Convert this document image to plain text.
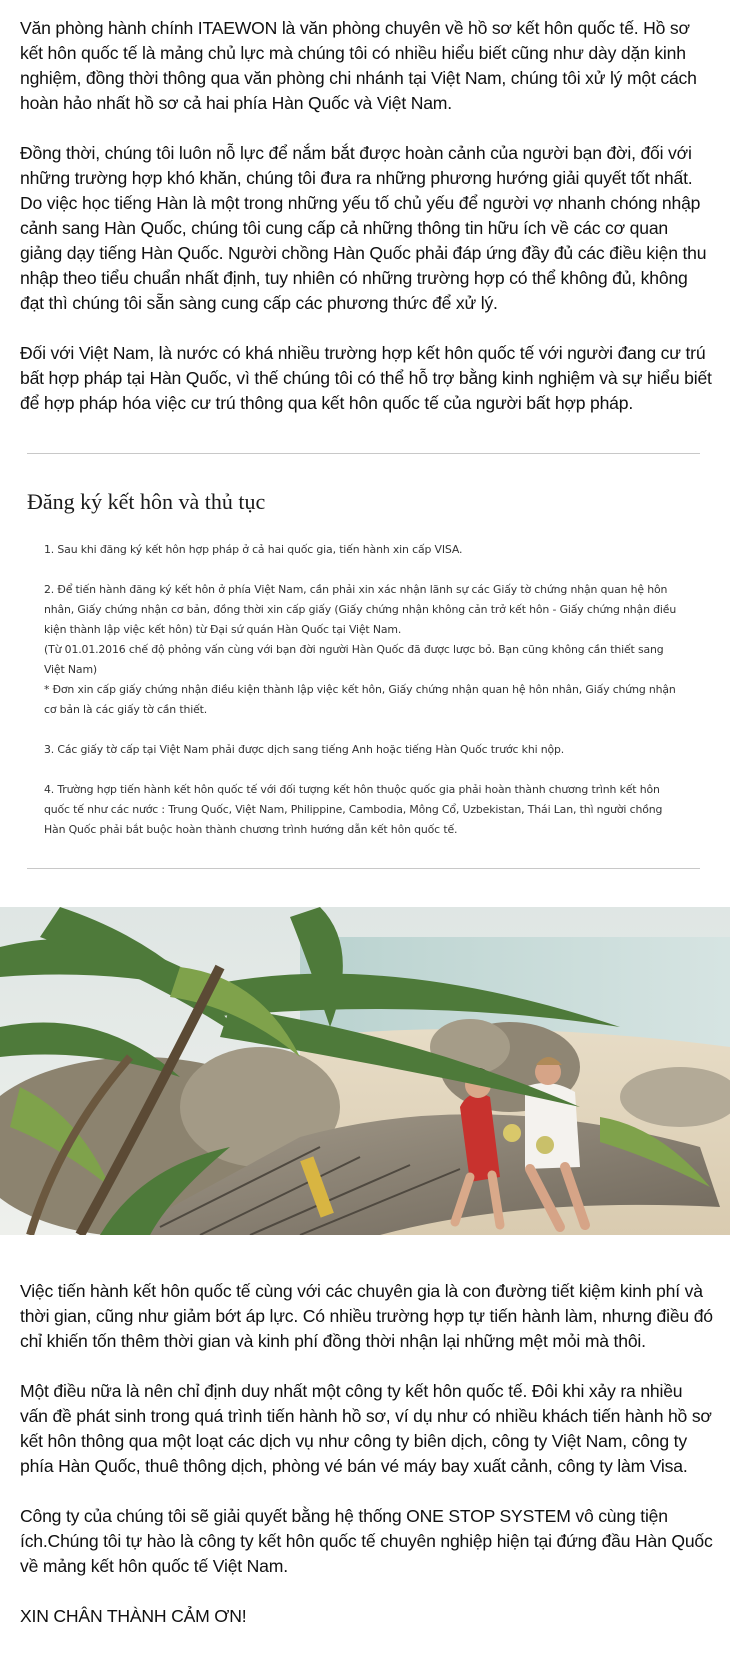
Văn phòng hành chính ITAEWON là văn phòng chuyên về hồ sơ kết hôn quốc tế. Hồ sơ kết hôn quốc tế là mảng chủ lực mà chúng tôi có nhiều hiểu biết cũng như dày dặn kinh nghiệm, đồng thời thông qua văn phòng chi nhánh tại Việt Nam, chúng tôi xử lý một cách hoàn hảo nhất hồ sơ cả hai phía Hàn Quốc và Việt Nam.

Đồng thời, chúng tôi luôn nỗ lực để nắm bắt được hoàn cảnh của người bạn đời, đối với những trường hợp khó khăn, chúng tôi đưa ra những phương hướng giải quyết tốt nhất. Do việc học tiếng Hàn là một trong những yếu tố chủ yếu để người vợ nhanh chóng nhập cảnh sang Hàn Quốc, chúng tôi cung cấp cả những thông tin hữu ích về các cơ quan giảng dạy tiếng Hàn Quốc. Người chồng Hàn Quốc phải đáp ứng đầy đủ các điều kiện thu nhập theo tiểu chuẩn nhất định, tuy nhiên có những trường hợp có thể không đủ, không đạt thì chúng tôi sẵn sàng cung cấp các phương thức để xử lý.

Đối với Việt Nam, là nước có khá nhiều trường hợp kết hôn quốc tế với người đang cư trú bất hợp pháp tại Hàn Quốc, vì thế chúng tôi có thể hỗ trợ bằng kinh nghiệm và sự hiểu biết để hợp pháp hóa việc cư trú thông qua kết hôn quốc tế của người bất hợp pháp.

Đăng ký kết hôn và thủ tục

1. Sau khi đăng ký kết hôn hợp pháp ở cả hai quốc gia, tiến hành xin cấp VISA.

2. Để tiến hành đăng ký kết hôn ở phía Việt Nam, cần phải xin xác nhận lãnh sự các Giấy tờ chứng nhận quan hệ hôn nhân, Giấy chứng nhận cơ bản, đồng thời xin cấp giấy (Giấy chứng nhận không cản trở kết hôn - Giấy chứng nhận điều kiện thành lập việc kết hôn) từ Đại sứ quán Hàn Quốc tại Việt Nam.
(Từ 01.01.2016 chế độ phỏng vấn cùng với bạn đời người Hàn Quốc đã được lược bỏ. Bạn cũng không cần thiết sang Việt Nam)
* Đơn xin cấp giấy chứng nhận điều kiện thành lập việc kết hôn, Giấy chứng nhận quan hệ hôn nhân, Giấy chứng nhận cơ bản là các giấy tờ cần thiết.

3. Các giấy tờ cấp tại Việt Nam phải được dịch sang tiếng Anh hoặc tiếng Hàn Quốc trước khi nộp.

4. Trường hợp tiến hành kết hôn quốc tế với đối tượng kết hôn thuộc quốc gia phải hoàn thành chương trình kết hôn quốc tế như các nước : Trung Quốc, Việt Nam, Philippine, Cambodia, Mông Cổ, Uzbekistan, Thái Lan, thì người chồng Hàn Quốc phải bắt buộc hoàn thành chương trình hướng dẫn kết hôn quốc tế.

Việc tiến hành kết hôn quốc tế cùng với các chuyên gia là con đường tiết kiệm kinh phí và thời gian, cũng như giảm bớt áp lực. Có nhiều trường hợp tự tiến hành làm, nhưng điều đó chỉ khiến tốn thêm thời gian và kinh phí đồng thời nhận lại những mệt mỏi mà thôi.

Một điều nữa là nên chỉ định duy nhất một công ty kết hôn quốc tế. Đôi khi xảy ra nhiều vấn đề phát sinh trong quá trình tiến hành hồ sơ, ví dụ như có nhiều khách tiến hành hồ sơ kết hôn thông qua một loạt các dịch vụ như công ty biên dịch, công ty Việt Nam, công ty phía Hàn Quốc, thuê thông dịch, phòng vé bán vé máy bay xuất cảnh, công ty làm Visa.

Công ty của chúng tôi sẽ giải quyết bằng hệ thống ONE STOP SYSTEM vô cùng tiện ích.Chúng tôi tự hào là công ty kết hôn quốc tế chuyên nghiệp hiện tại đứng đầu Hàn Quốc về mảng kết hôn quốc tế Việt Nam.

XIN CHÂN THÀNH CẢM ƠN!
